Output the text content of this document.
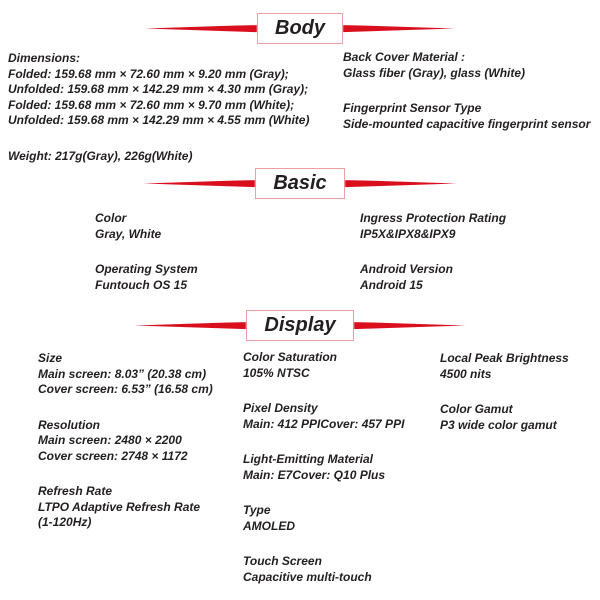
Body
Dimensions:
Folded: 159.68 mm × 72.60 mm × 9.20 mm (Gray);
Unfolded: 159.68 mm × 142.29 mm × 4.30 mm (Gray);
Folded: 159.68 mm × 72.60 mm × 9.70 mm (White);
Unfolded: 159.68 mm × 142.29 mm × 4.55 mm (White)
Weight: 217g(Gray), 226g(White)
Back Cover Material :
Glass fiber (Gray), glass (White)
Fingerprint Sensor Type
Side-mounted capacitive fingerprint sensor
Basic
Color
Gray, White
Operating System
Funtouch OS 15
Ingress Protection Rating
IP5X&IPX8&IPX9
Android Version
Android 15
Display
Size
Main screen: 8.03” (20.38 cm)
Cover screen: 6.53” (16.58 cm)
Resolution
Main screen: 2480 × 2200
Cover screen: 2748 × 1172
Refresh Rate
LTPO Adaptive Refresh Rate
(1-120Hz)
Color Saturation
105% NTSC
Pixel Density
Main: 412 PPICover: 457 PPI
Light-Emitting Material
Main: E7Cover: Q10 Plus
Type
AMOLED
Touch Screen
Capacitive multi-touch
Local Peak Brightness
4500 nits
Color Gamut
P3 wide color gamut
